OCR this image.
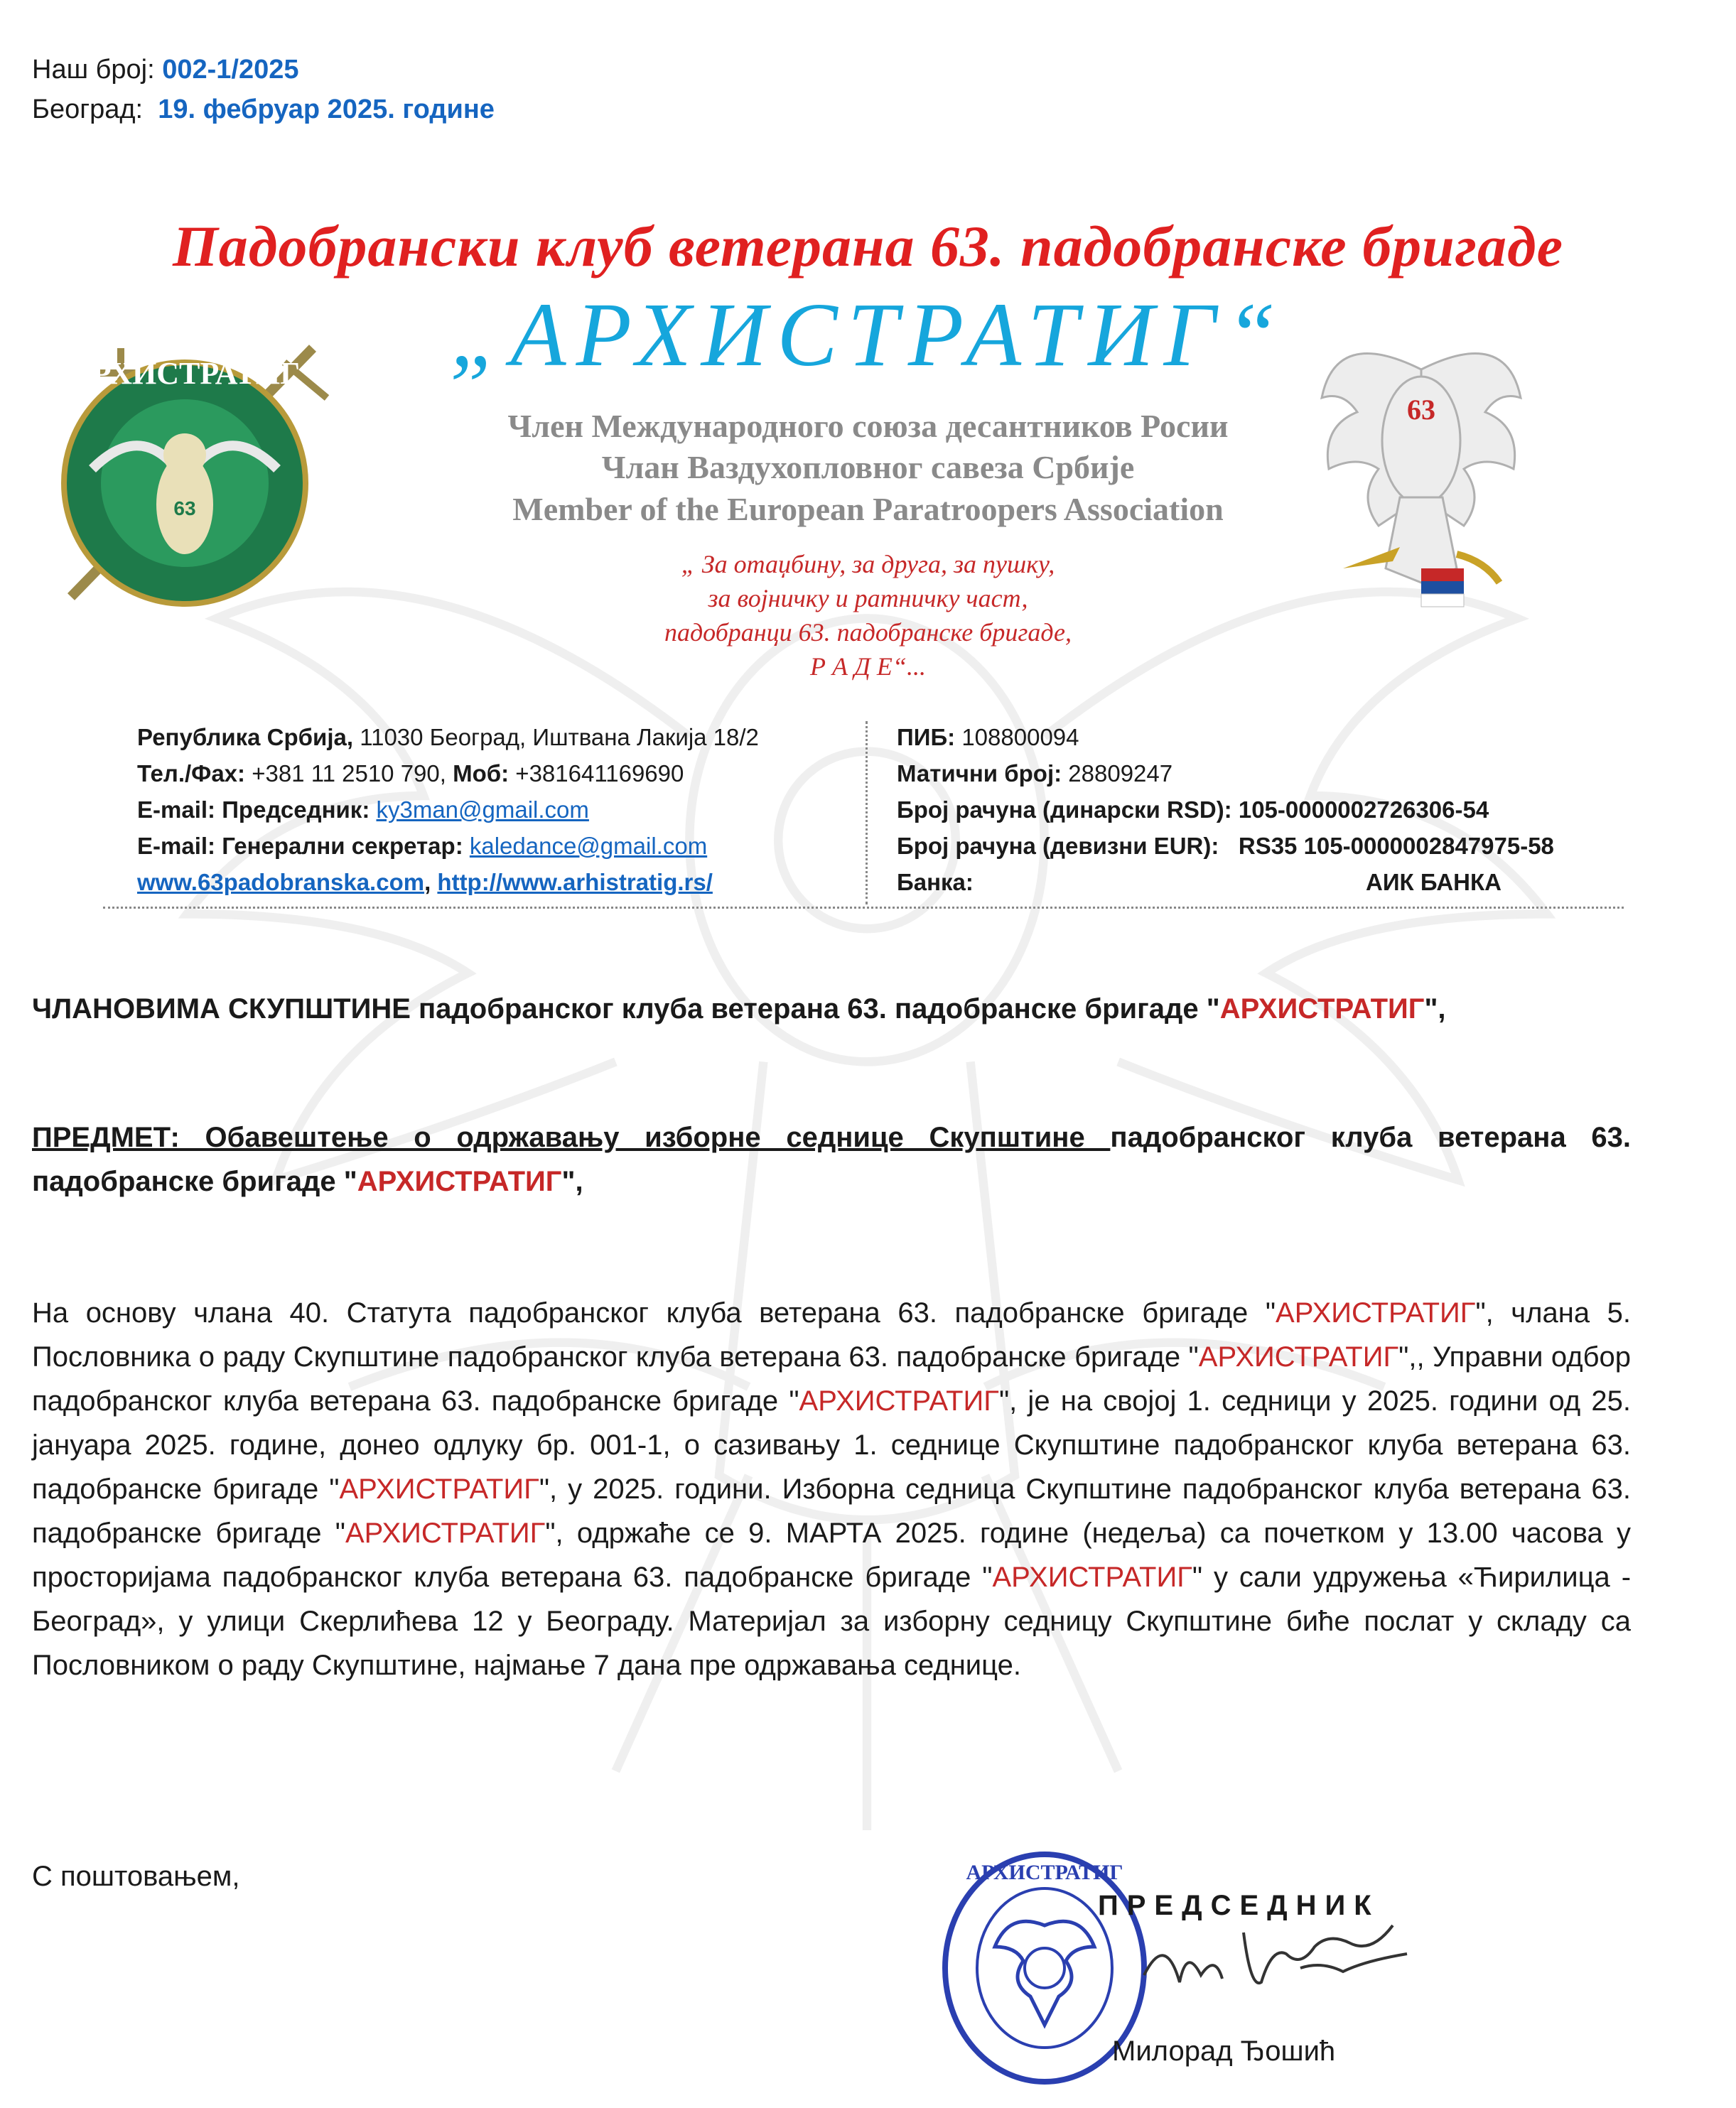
Наш број: 002-1/2025
Београд: 19. фебруар 2025. године
Падобрански клуб ветерана 63. падобранске бригаде
„АРХИСТРАТИГ“
АРХИСТРАТИГ
63
63
Член Международного союза десантников Росии
Члан Ваздухопловног савеза Србије
Member of the European Paratroopers Association
„ За отаџбину, за друга, за пушку,
за војничку и ратничку част,
падобранци 63. падобранске бригаде,
Р А Д Е“...
Република Србија, 11030 Београд, Иштвана Лакија 18/2
Тел./Фах: +381 11 2510 790, Моб: +381641169690
E-mail: Председник: ky3man@gmail.com
E-mail: Генерални секретар: kaledance@gmail.com
www.63padobranska.com, http://www.arhistratig.rs/
ПИБ: 108800094
Матични број: 28809247
Број рачуна (динарски RSD): 105-0000002726306-54
Број рачуна (девизни EUR): RS35 105-0000002847975-58
Банка:	АИК БАНКА
ЧЛАНОВИМА СКУПШТИНЕ падобранског клуба ветерана 63. падобранске бригаде "АРХИСТРАТИГ",
ПРЕДМЕТ: Обавештење о одржавању изборне седнице Скупштине падобранског клуба ветерана 63. падобранске бригаде "АРХИСТРАТИГ",
На основу члана 40. Статута падобранског клуба ветерана 63. падобранске бригаде "АРХИСТРАТИГ", члана 5. Пословника о раду Скупштине падобранског клуба ветерана 63. падобранске бригаде "АРХИСТРАТИГ",, Управни одбор падобранског клуба ветерана 63. падобранске бригаде "АРХИСТРАТИГ", је на својој 1. седници у 2025. години од 25. јануара 2025. године, донео одлуку бр. 001-1, о сазивању 1. седнице Скупштине падобранског клуба ветерана 63. падобранске бригаде "АРХИСТРАТИГ", у 2025. години. Изборна седница Скупштине падобранског клуба ветерана 63. падобранске бригаде "АРХИСТРАТИГ", одржаће се 9. МАРТА 2025. године (недеља) са почетком у 13.00 часова у просторијама падобранског клуба ветерана 63. падобранске бригаде "АРХИСТРАТИГ" у сали удружења «Ћирилица - Београд», у улици Скерлићева 12 у Београду. Материјал за изборну седницу Скупштине биће послат у складу са Пословником о раду Скупштине, најмање 7 дана пре одржавања седнице.
С поштовањем,	АРХИСТРАТИГ
ПРЕДСЕДНИК
Милорад Ђошић
